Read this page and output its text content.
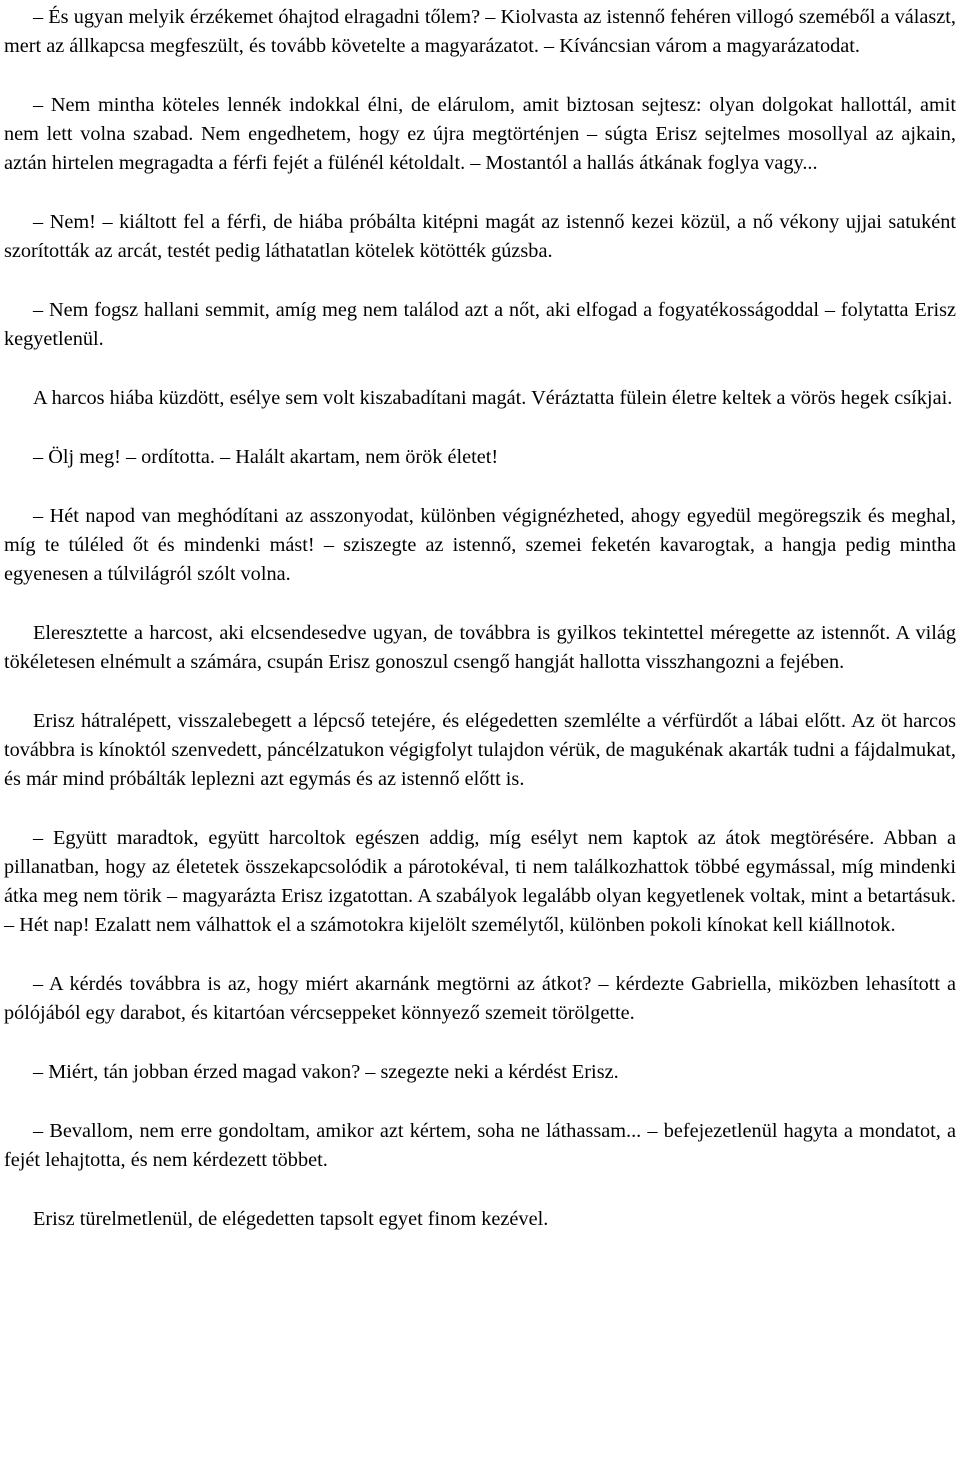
– És ugyan melyik érzékemet óhajtod elragadni tőlem? – Kiolvasta az istennő fehéren villogó szeméből a választ, mert az állkapcsa megfeszült, és tovább követelte a magyarázatot. – Kíváncsian várom a magyarázatodat.

– Nem mintha köteles lennék indokkal élni, de elárulom, amit biztosan sejtesz: olyan dolgokat hallottál, amit nem lett volna szabad. Nem engedhetem, hogy ez újra megtörténjen – súgta Erisz sejtelmes mosollyal az ajkain, aztán hirtelen megragadta a férfi fejét a fülénél kétoldalt. – Mostantól a hallás átkának foglya vagy...

– Nem! – kiáltott fel a férfi, de hiába próbálta kitépni magát az istennő kezei közül, a nő vékony ujjai satuként szorították az arcát, testét pedig láthatatlan kötelek kötötték gúzsba.

– Nem fogsz hallani semmit, amíg meg nem találod azt a nőt, aki elfogad a fogyatékosságoddal – folytatta Erisz kegyetlenül.

A harcos hiába küzdött, esélye sem volt kiszabadítani magát. Véráztatta fülein életre keltek a vörös hegek csíkjai.

– Ölj meg! – ordította. – Halált akartam, nem örök életet!

– Hét napod van meghódítani az asszonyodat, különben végignézheted, ahogy egyedül megöregszik és meghal, míg te túléled őt és mindenki mást! – sziszegte az istennő, szemei feketén kavarogtak, a hangja pedig mintha egyenesen a túlvilágról szólt volna.

Eleresztette a harcost, aki elcsendesedve ugyan, de továbbra is gyilkos tekintettel méregette az istennőt. A világ tökéletesen elnémult a számára, csupán Erisz gonoszul csengő hangját hallotta visszhangozni a fejében.

Erisz hátralépett, visszalebegett a lépcső tetejére, és elégedetten szemlélte a vérfürdőt a lábai előtt. Az öt harcos továbbra is kínoktól szenvedett, páncélzatukon végigfolyt tulajdon vérük, de magukénak akarták tudni a fájdalmukat, és már mind próbálták leplezni azt egymás és az istennő előtt is.

– Együtt maradtok, együtt harcoltok egészen addig, míg esélyt nem kaptok az átok megtörésére. Abban a pillanatban, hogy az életetek összekapcsolódik a párotokéval, ti nem találkozhattok többé egymással, míg mindenki átka meg nem törik – magyarázta Erisz izgatottan. A szabályok legalább olyan kegyetlenek voltak, mint a betartásuk. – Hét nap! Ezalatt nem válhattok el a számotokra kijelölt személytől, különben pokoli kínokat kell kiállnotok.

– A kérdés továbbra is az, hogy miért akarnánk megtörni az átkot? – kérdezte Gabriella, miközben lehasított a pólójából egy darabot, és kitartóan vércseppeket könnyező szemeit törölgette.

– Miért, tán jobban érzed magad vakon? – szegezte neki a kérdést Erisz.

– Bevallom, nem erre gondoltam, amikor azt kértem, soha ne láthassam... – befejezetlenül hagyta a mondatot, a fejét lehajtotta, és nem kérdezett többet.

Erisz türelmetlenül, de elégedetten tapsolt egyet finom kezével.
